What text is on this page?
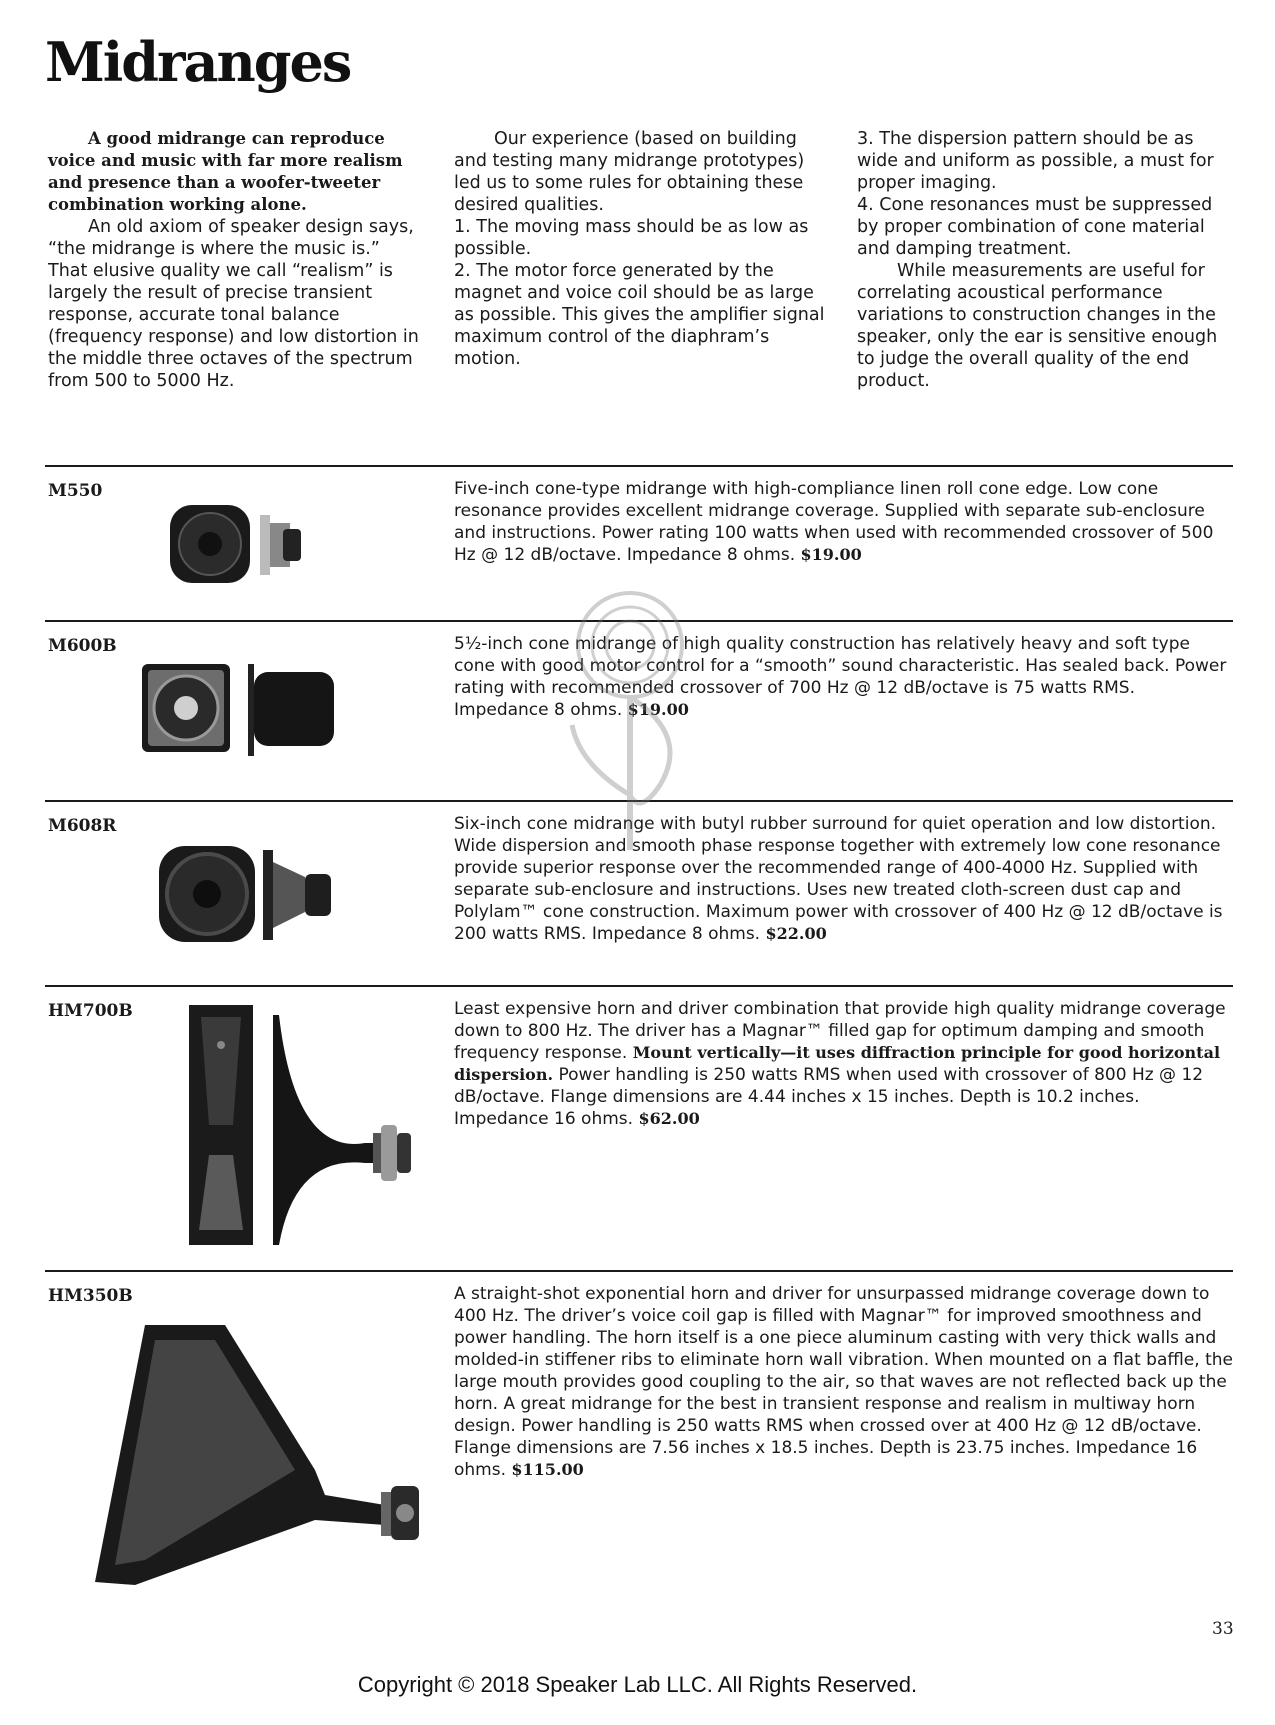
Midranges

A good midrange can reproduce voice and music with far more realism and presence than a woofer-tweeter combination working alone.

An old axiom of speaker design says, “the midrange is where the music is.” That elusive quality we call “realism” is largely the result of precise transient response, accurate tonal balance (frequency response) and low distortion in the middle three octaves of the spectrum from 500 to 5000 Hz.

Our experience (based on building and testing many midrange prototypes) led us to some rules for obtaining these desired qualities.

1. The moving mass should be as low as possible.

2. The motor force generated by the magnet and voice coil should be as large as possible. This gives the amplifier signal maximum control of the diaphram’s motion.

3. The dispersion pattern should be as wide and uniform as possible, a must for proper imaging.

4. Cone resonances must be suppressed by proper combination of cone material and damping treatment.

While measurements are useful for correlating acoustical performance variations to construction changes in the speaker, only the ear is sensitive enough to judge the overall quality of the end product.

M550	Five-inch cone-type midrange with high-compliance linen roll cone edge. Low cone resonance provides excellent midrange coverage. Supplied with separate sub-enclosure and instructions. Power rating 100 watts when used with recommended crossover of 500 Hz @ 12 dB/octave. Impedance 8 ohms. $19.00
M600B	5½-inch cone midrange of high quality construction has relatively heavy and soft type cone with good motor control for a “smooth” sound characteristic. Has sealed back. Power rating with recommended crossover of 700 Hz @ 12 dB/octave is 75 watts RMS. Impedance 8 ohms. $19.00
M608R	Six-inch cone midrange with butyl rubber surround for quiet operation and low distortion. Wide dispersion and smooth phase response together with extremely low cone resonance provide superior response over the recommended range of 400-4000 Hz. Supplied with separate sub-enclosure and instructions. Uses new treated cloth-screen dust cap and Polylam™ cone construction. Maximum power with crossover of 400 Hz @ 12 dB/octave is 200 watts RMS. Impedance 8 ohms. $22.00
HM700B	Least expensive horn and driver combination that provide high quality midrange coverage down to 800 Hz. The driver has a Magnar™ filled gap for optimum damping and smooth frequency response. Mount vertically—it uses diffraction principle for good horizontal dispersion. Power handling is 250 watts RMS when used with crossover of 800 Hz @ 12 dB/octave. Flange dimensions are 4.44 inches x 15 inches. Depth is 10.2 inches. Impedance 16 ohms. $62.00
HM350B	A straight-shot exponential horn and driver for unsurpassed midrange coverage down to 400 Hz. The driver’s voice coil gap is filled with Magnar™ for improved smoothness and power handling. The horn itself is a one piece aluminum casting with very thick walls and molded-in stiffener ribs to eliminate horn wall vibration. When mounted on a flat baffle, the large mouth provides good coupling to the air, so that waves are not reflected back up the horn. A great midrange for the best in transient response and realism in multiway horn design. Power handling is 250 watts RMS when crossed over at 400 Hz @ 12 dB/octave. Flange dimensions are 7.56 inches x 18.5 inches. Depth is 23.75 inches. Impedance 16 ohms. $115.00
33
Copyright © 2018 Speaker Lab LLC. All Rights Reserved.
